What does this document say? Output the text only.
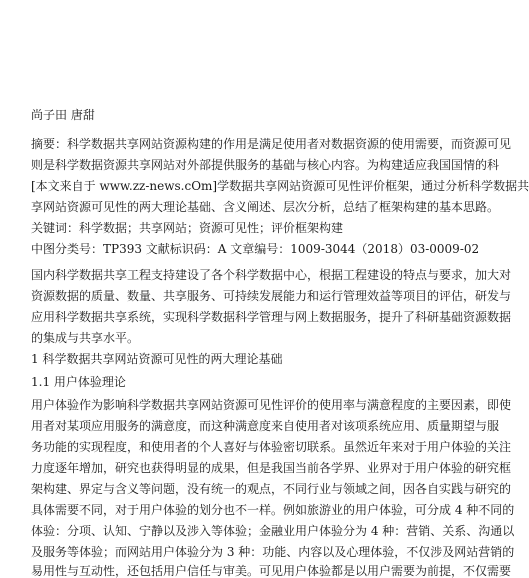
尚子田 唐甜
摘要：科学数据共享网站资源构建的作用是满足使用者对数据资源的使用需要，而资源可见
则是科学数据资源共享网站对外部提供服务的基础与核心内容。为构建适应我国国情的科
[本文来自于 www.zz-news.cOm]学数据共享网站资源可见性评价框架，通过分析科学数据共
享网站资源可见性的两大理论基础、含义阐述、层次分析，总结了框架构建的基本思路。
关键词：科学数据；共享网站；资源可见性；评价框架构建
中图分类号：TP393 文献标识码：A 文章编号：1009-3044（2018）03-0009-02
国内科学数据共享工程支持建设了各个科学数据中心，根据工程建设的特点与要求，加大对
资源数据的质量、数量、共享服务、可持续发展能力和运行管理效益等项目的评估，研发与
应用科学数据共享系统，实现科学数据科学管理与网上数据服务，提升了科研基础资源数据
的集成与共享水平。
1 科学数据共享网站资源可见性的两大理论基础
1.1 用户体验理论
用户体验作为影响科学数据共享网站资源可见性评价的使用率与满意程度的主要因素，即使
用者对某项应用服务的满意度，而这种满意度来自使用者对该项系统应用、质量期望与服
务功能的实现程度，和使用者的个人喜好与体验密切联系。虽然近年来对于用户体验的关注
力度逐年增加，研究也获得明显的成果，但是我国当前各学界、业界对于用户体验的研究框
架构建、界定与含义等问题，没有统一的观点，不同行业与领域之间，因各自实践与研究的
具体需要不同，对于用户体验的划分也不一样。例如旅游业的用户体验，可分成 4 种不同的
体验：分项、认知、宁静以及涉入等体验；金融业用户体验分为 4 种：营销、关系、沟通以
及服务等体验；而网站用户体验分为 3 种：功能、内容以及心理体验，不仅涉及网站营销的
易用性与互动性，还包括用户信任与审美。可见用户体验都是以用户需要为前提，不仅需要
